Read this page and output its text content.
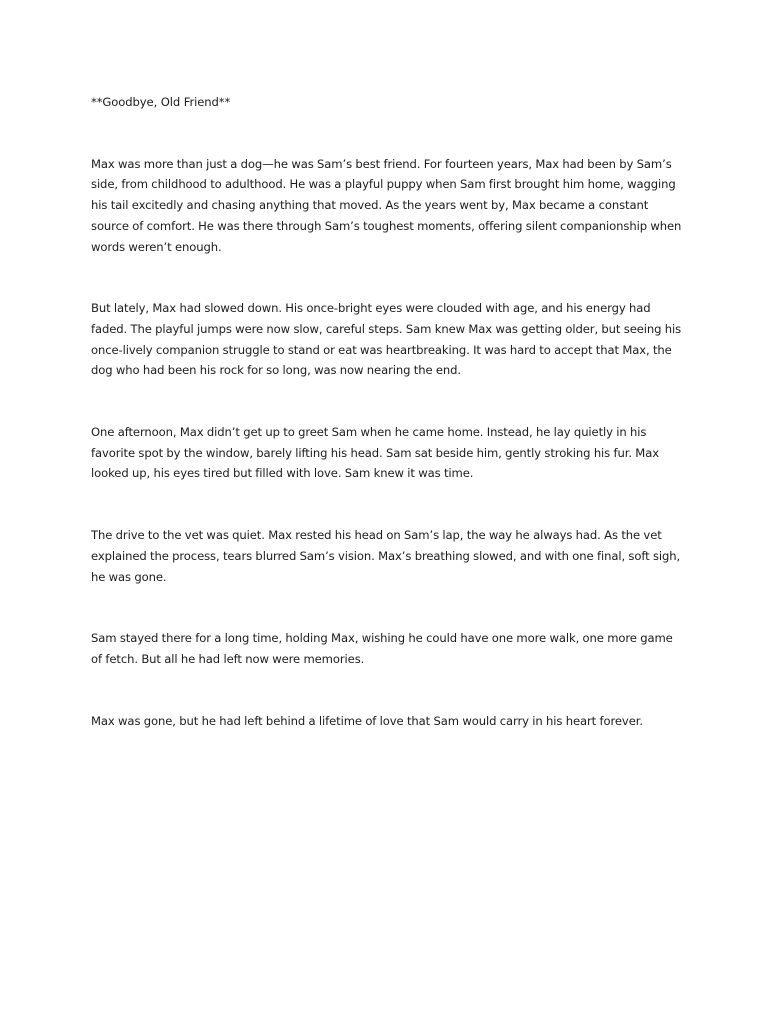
**Goodbye, Old Friend**

Max was more than just a dog—he was Sam’s best friend. For fourteen years, Max had been by Sam’s side, from childhood to adulthood. He was a playful puppy when Sam first brought him home, wagging his tail excitedly and chasing anything that moved. As the years went by, Max became a constant source of comfort. He was there through Sam’s toughest moments, offering silent companionship when words weren’t enough.

But lately, Max had slowed down. His once-bright eyes were clouded with age, and his energy had faded. The playful jumps were now slow, careful steps. Sam knew Max was getting older, but seeing his once-lively companion struggle to stand or eat was heartbreaking. It was hard to accept that Max, the dog who had been his rock for so long, was now nearing the end.

One afternoon, Max didn’t get up to greet Sam when he came home. Instead, he lay quietly in his favorite spot by the window, barely lifting his head. Sam sat beside him, gently stroking his fur. Max looked up, his eyes tired but filled with love. Sam knew it was time.

The drive to the vet was quiet. Max rested his head on Sam’s lap, the way he always had. As the vet explained the process, tears blurred Sam’s vision. Max’s breathing slowed, and with one final, soft sigh, he was gone.

Sam stayed there for a long time, holding Max, wishing he could have one more walk, one more game of fetch. But all he had left now were memories.

Max was gone, but he had left behind a lifetime of love that Sam would carry in his heart forever.
